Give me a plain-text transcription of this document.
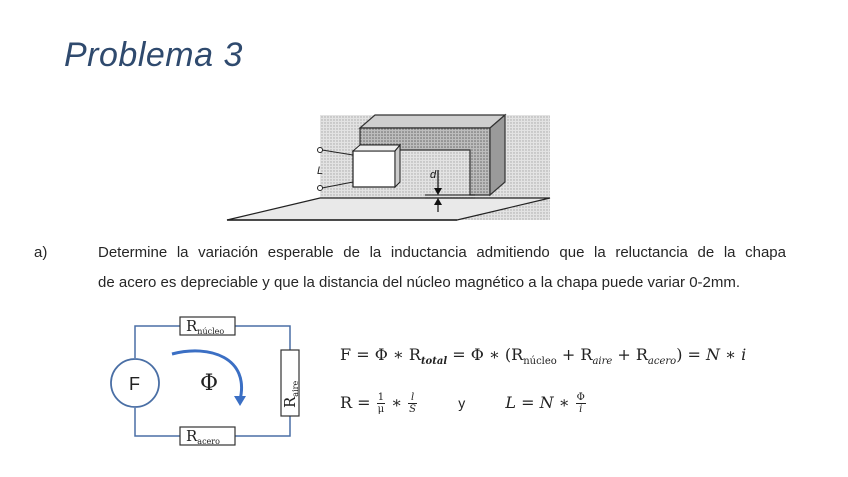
Problema 3
L	d
a)	Determine la variación esperable de la inductancia admitiendo que la reluctancia de la chapa
de acero es depreciable y que la distancia del núcleo magnético a la chapa puede variar 0-2mm.
F
$R_{núcleo}$
$R_{acero}$
$R_{aire}$
Φ
F = Φ ∗ $R_{total} = \Phi$ ∗ $(R_{núcleo} + R_{aire} + R_{acero}) = N$ ∗ i
$R = \frac{1}{\mu}$ ∗ $\frac{l}{S}$	y	L = N ∗ $\frac{\Phi}{i}$
